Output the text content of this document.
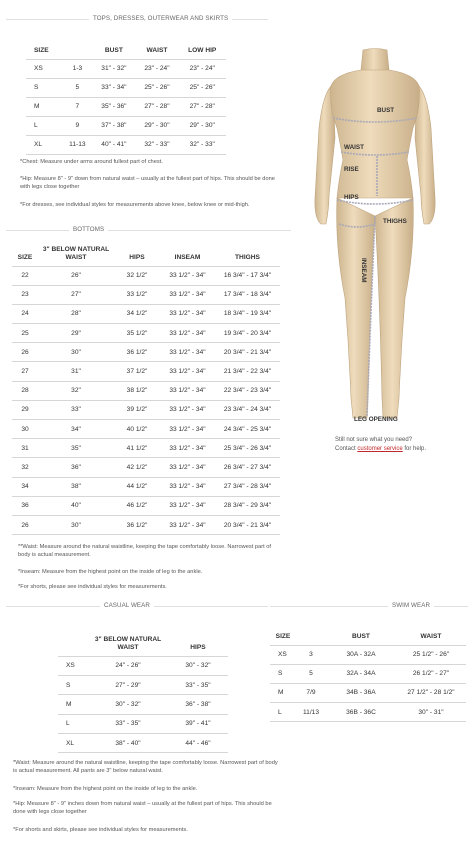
TOPS, DRESSES, OUTERWEAR AND SKIRTS
SIZE		BUST	WAIST	LOW HIP
XS	1-3	31" - 32"	23" - 24"	23" - 24"
S	5	33" - 34"	25" - 26"	25" - 26"
M	7	35" - 36"	27" - 28"	27" - 28"
L	9	37" - 38"	29" - 30"	29" - 30"
XL	11-13	40" - 41"	32" - 33"	32" - 33"
*Chest: Measure under arms around fullest part of chest.
*Hip: Measure 8" - 9" down from natural waist – usually at the fullest part of hips. This should be done with legs close together
*For dresses, see individual styles for measurements above knee, below knee or mid-thigh.
BUST
WAIST
RISE
HIPS
THIGHS
INSEAM
LEG OPENING
Still not sure what you need?
Contact customer service for help.
BOTTOMS
SIZE	3" BELOW NATURAL WAIST	HIPS	INSEAM	THIGHS
22	26"	32 1/2"	33 1/2" - 34"	16 3/4" - 17 3/4"
23	27"	33 1/2"	33 1/2" - 34"	17 3/4" - 18 3/4"
24	28"	34 1/2"	33 1/2" - 34"	18 3/4" - 19 3/4"
25	29"	35 1/2"	33 1/2" - 34"	19 3/4" - 20 3/4"
26	30"	36 1/2"	33 1/2" - 34"	20 3/4" - 21 3/4"
27	31"	37 1/2"	33 1/2" - 34"	21 3/4" - 22 3/4"
28	32"	38 1/2"	33 1/2" - 34"	22 3/4" - 23 3/4"
29	33"	39 1/2"	33 1/2" - 34"	23 3/4" - 24 3/4"
30	34"	40 1/2"	33 1/2" - 34"	24 3/4" - 25 3/4"
31	35"	41 1/2"	33 1/2" - 34"	25 3/4" - 26 3/4"
32	36"	42 1/2"	33 1/2" - 34"	26 3/4" - 27 3/4"
34	38"	44 1/2"	33 1/2" - 34"	27 3/4" - 28 3/4"
36	40"	46 1/2"	33 1/2" - 34"	28 3/4" - 29 3/4"
26	30"	36 1/2"	33 1/2" - 34"	20 3/4" - 21 3/4"
**Waist: Measure around the natural waistline, keeping the tape comfortably loose. Narrowest part of body is actual measurement.
*Inseam: Measure from the highest point on the inside of leg to the ankle.
*For shorts, please see individual styles for measurements.
CASUAL WEAR
	3" BELOW NATURAL WAIST	HIPS
XS	24" - 26"	30" - 32"
S	27" - 29"	33" - 35"
M	30" - 32"	36" - 38"
L	33" - 35"	39" - 41"
XL	38" - 40"	44" - 46"
*Waist: Measure around the natural waistline, keeping the tape comfortably loose. Narrowest part of body is actual measurement. All pants are 3" below natural waist.
*Inseam: Measure from the highest point on the inside of leg to the ankle.
*Hip: Measure 8" - 9" inches down from natural waist – usually at the fullest part of hips. This should be done with legs close together
*For shorts and skirts, please see individual styles for measurements.
SWIM WEAR
SIZE		BUST	WAIST
XS	3	30A - 32A	25 1/2" - 26"
S	5	32A - 34A	26 1/2" - 27"
M	7/9	34B - 36A	27 1/2" - 28 1/2"
L	11/13	36B - 36C	30" - 31"
